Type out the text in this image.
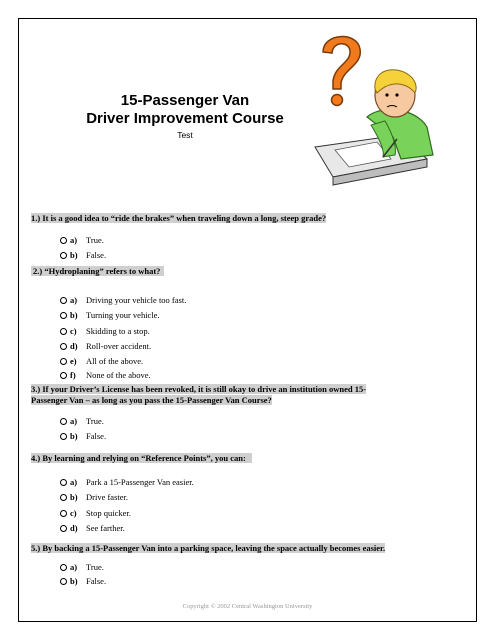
15-Passenger Van
Driver Improvement Course
Test
1.) It is a good idea to “ride the brakes” when traveling down a long, steep grade?
a) True.
b) False.
2.) “Hydroplaning” refers to what?
a) Driving your vehicle too fast.
b) Turning your vehicle.
c) Skidding to a stop.
d) Roll-over accident.
e) All of the above.
f) None of the above.
3.) If your Driver’s License has been revoked, it is still okay to drive an institution owned 15-
Passenger Van – as long as you pass the 15-Passenger Van Course?
a) True.
b) False.
4.) By learning and relying on “Reference Points”, you can:
a) Park a 15-Passenger Van easier.
b) Drive faster.
c) Stop quicker.
d) See farther.
5.) By backing a 15-Passenger Van into a parking space, leaving the space actually becomes easier.
a) True.
b) False.
Copyright © 2002 Central Washington University
